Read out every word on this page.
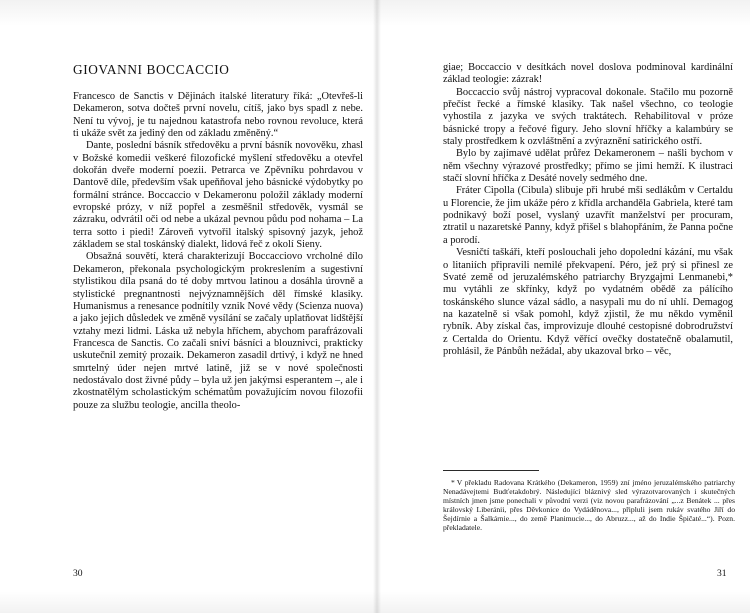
GIOVANNI BOCCACCIO

Francesco de Sanctis v Dějinách italské literatury říká: „Otevřeš-li Dekameron, sotva dočteš první novelu, cítíš, jako bys spadl z nebe. Není tu vývoj, je tu najednou katastrofa nebo rovnou revoluce, která ti ukáže svět za jediný den od základu změněný.“

Dante, poslední básník středověku a první básník novověku, zhasl v Božské komedii veškeré filozofické myšlení středověku a otevřel dokořán dveře moderní poezii. Petrarca ve Zpěvníku pohrdavou v Dantově díle, především však upeňňoval jeho básnické výdobytky po formální stránce. Boccaccio v Dekameronu položil základy moderní evropské prózy, v níž popřel a zesměšnil středověk, vysmál se zázraku, odvrátil oči od nebe a ukázal pevnou půdu pod nohama – La terra sotto i piedi! Zároveň vytvořil italský spisovný jazyk, jehož základem se stal toskánský dialekt, lidová řeč z okolí Sieny.

Obsažná souvětí, která charakterizují Boccacciovo vrcholné dílo Dekameron, překonala psychologickým prokreslením a sugestivní stylistikou díla psaná do té doby mrtvou latinou a dosáhla úrovně a stylistické pregnantnosti nejvýznamnějších děl římské klasiky. Humanismus a renesance podnítily vznik Nové vědy (Scienza nuova) a jako jejich důsledek ve změně vysílání se začaly uplatňovat lidštější vztahy mezi lidmi. Láska už nebyla hříchem, abychom parafrázovali Francesca de Sanctis. Co začali sniví básníci a blouznivci, prakticky uskutečnil zemitý prozaik. Dekameron zasadil drtivý, i když ne hned smrtelný úder nejen mrtvé latině, již se v nové společnosti nedostávalo dost živné půdy – byla už jen jakýmsi esperantem –, ale i zkostnatělým scholastickým schématům považujícím novou filozofii pouze za službu teologie, ancilla theolo-

30

giae; Boccaccio v desítkách novel doslova podminoval kardinální základ teologie: zázrak!

Boccaccio svůj nástroj vypracoval dokonale. Stačilo mu pozorně přečíst řecké a římské klasiky. Tak našel všechno, co teologie vyhostila z jazyka ve svých traktátech. Rehabilitoval v próze básnické tropy a řečové figury. Jeho slovní hříčky a kalambúry se staly prostředkem k ozvláštnění a zvýraznění satirického ostří.

Bylo by zajímavé udělat průřez Dekameronem – našli bychom v něm všechny výrazové prostředky; přímo se jimi hemží. K ilustraci stačí slovní hříčka z Desáté novely sedmého dne.

Fráter Cipolla (Cibula) slibuje při hrubé mši sedlákům v Certaldu u Florencie, že jim ukáže pérо z křídla archanděla Gabriela, které tam podnikavý boží posel, vyslaný uzavřít manželství per procuram, ztratil u nazaretské Panny, když přišel s blahopřáním, že Panna počne a porodí.

Vesničtí taškáři, kteří poslouchali jeho dopolední kázání, mu však o litaniích připravili nemilé překvapení. Péro, jež prý si přinesl ze Svaté země od jeruzalémského patriarchy Bryzgajmi Lenmanebi,* mu vytáhli ze skřínky, když po vydatném obědě za pálícího toskánského slunce vázal sádlo, a nasypali mu do ní uhlí. Demagog na kazatelně si však pomohl, když zjistil, že mu někdo vyměnil rybník. Aby získal čas, improvizuje dlouhé cestopisné dobrodružství z Certalda do Orientu. Když věřící ovečky dostatečně obalamutil, prohlásil, že Pánbůh nežádal, aby ukazoval brko – věc,

* V překladu Radovana Krátkého (Dekameron, 1959) zní jméno jeruzalémského patriarchy Nenadávejtemi Budťetakdobrý. Následující bláznivý sled výrazotvarovaných i skutečných místních jmen jsme ponechali v původní verzi (viz novou parafrázování „...z Benátek ... přes královský Liberánii, přes Děvkonice do Vydáděnova..., připluli jsem rukáv svatého Jiří do Šejdírnie a Šalkárnie..., do země Planimucie..., do Abruzz..., až do Indie Špičaté...“). Pozn. překladatele.
31
